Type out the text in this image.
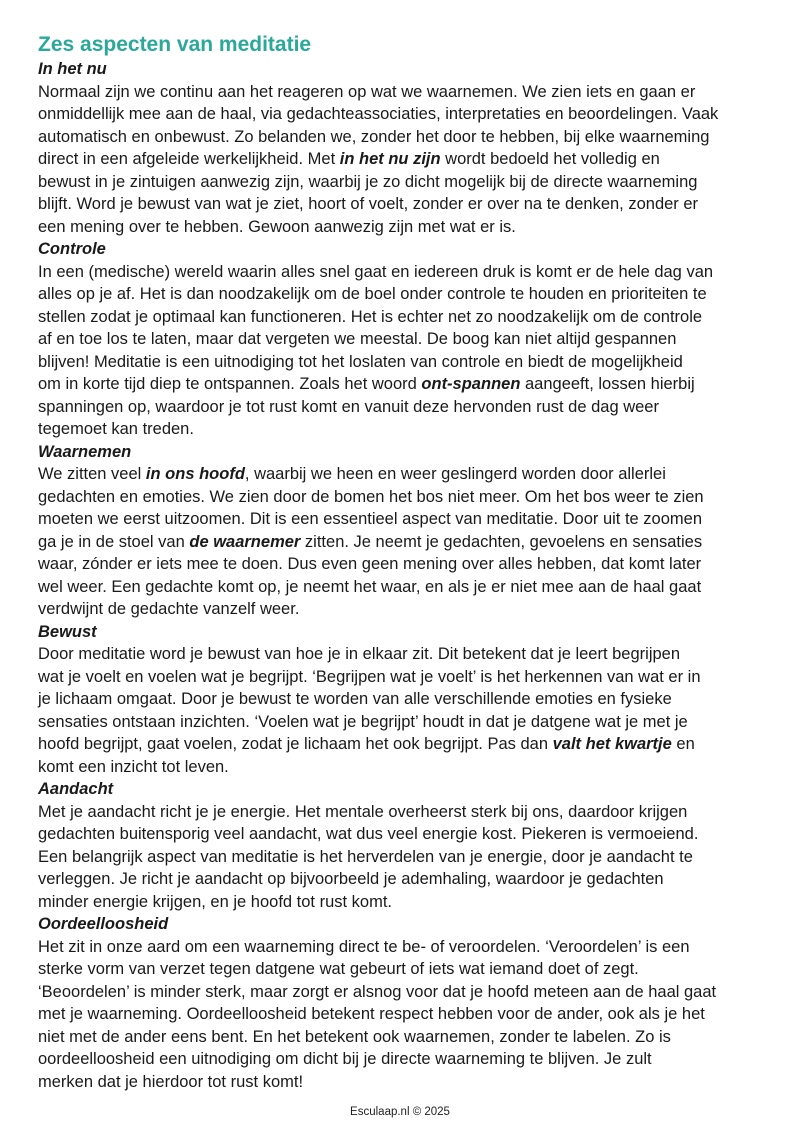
Zes aspecten van meditatie
In het nu

Normaal zijn we continu aan het reageren op wat we waarnemen. We zien iets en gaan er
onmiddellijk mee aan de haal, via gedachteassociaties, interpretaties en beoordelingen. Vaak
automatisch en onbewust. Zo belanden we, zonder het door te hebben, bij elke waarneming
direct in een afgeleide werkelijkheid. Met in het nu zijn wordt bedoeld het volledig en
bewust in je zintuigen aanwezig zijn, waarbij je zo dicht mogelijk bij de directe waarneming
blijft. Word je bewust van wat je ziet, hoort of voelt, zonder er over na te denken, zonder er
een mening over te hebben. Gewoon aanwezig zijn met wat er is.

Controle

In een (medische) wereld waarin alles snel gaat en iedereen druk is komt er de hele dag van
alles op je af. Het is dan noodzakelijk om de boel onder controle te houden en prioriteiten te
stellen zodat je optimaal kan functioneren. Het is echter net zo noodzakelijk om de controle
af en toe los te laten, maar dat vergeten we meestal. De boog kan niet altijd gespannen
blijven! Meditatie is een uitnodiging tot het loslaten van controle en biedt de mogelijkheid
om in korte tijd diep te ontspannen. Zoals het woord ont-spannen aangeeft, lossen hierbij
spanningen op, waardoor je tot rust komt en vanuit deze hervonden rust de dag weer
tegemoet kan treden.

Waarnemen

We zitten veel in ons hoofd, waarbij we heen en weer geslingerd worden door allerlei
gedachten en emoties. We zien door de bomen het bos niet meer. Om het bos weer te zien
moeten we eerst uitzoomen. Dit is een essentieel aspect van meditatie. Door uit te zoomen
ga je in de stoel van de waarnemer zitten. Je neemt je gedachten, gevoelens en sensaties
waar, zónder er iets mee te doen. Dus even geen mening over alles hebben, dat komt later
wel weer. Een gedachte komt op, je neemt het waar, en als je er niet mee aan de haal gaat
verdwijnt de gedachte vanzelf weer.

Bewust

Door meditatie word je bewust van hoe je in elkaar zit. Dit betekent dat je leert begrijpen
wat je voelt en voelen wat je begrijpt. ‘Begrijpen wat je voelt’ is het herkennen van wat er in
je lichaam omgaat. Door je bewust te worden van alle verschillende emoties en fysieke
sensaties ontstaan inzichten. ‘Voelen wat je begrijpt’ houdt in dat je datgene wat je met je
hoofd begrijpt, gaat voelen, zodat je lichaam het ook begrijpt. Pas dan valt het kwartje en
komt een inzicht tot leven.

Aandacht

Met je aandacht richt je je energie. Het mentale overheerst sterk bij ons, daardoor krijgen
gedachten buitensporig veel aandacht, wat dus veel energie kost. Piekeren is vermoeiend.
Een belangrijk aspect van meditatie is het herverdelen van je energie, door je aandacht te
verleggen. Je richt je aandacht op bijvoorbeeld je ademhaling, waardoor je gedachten
minder energie krijgen, en je hoofd tot rust komt.

Oordeelloosheid

Het zit in onze aard om een waarneming direct te be- of veroordelen. ‘Veroordelen’ is een
sterke vorm van verzet tegen datgene wat gebeurt of iets wat iemand doet of zegt.
‘Beoordelen’ is minder sterk, maar zorgt er alsnog voor dat je hoofd meteen aan de haal gaat
met je waarneming. Oordeelloosheid betekent respect hebben voor de ander, ook als je het
niet met de ander eens bent. En het betekent ook waarnemen, zonder te labelen. Zo is
oordeelloosheid een uitnodiging om dicht bij je directe waarneming te blijven. Je zult
merken dat je hierdoor tot rust komt!

Esculaap.nl © 2025
